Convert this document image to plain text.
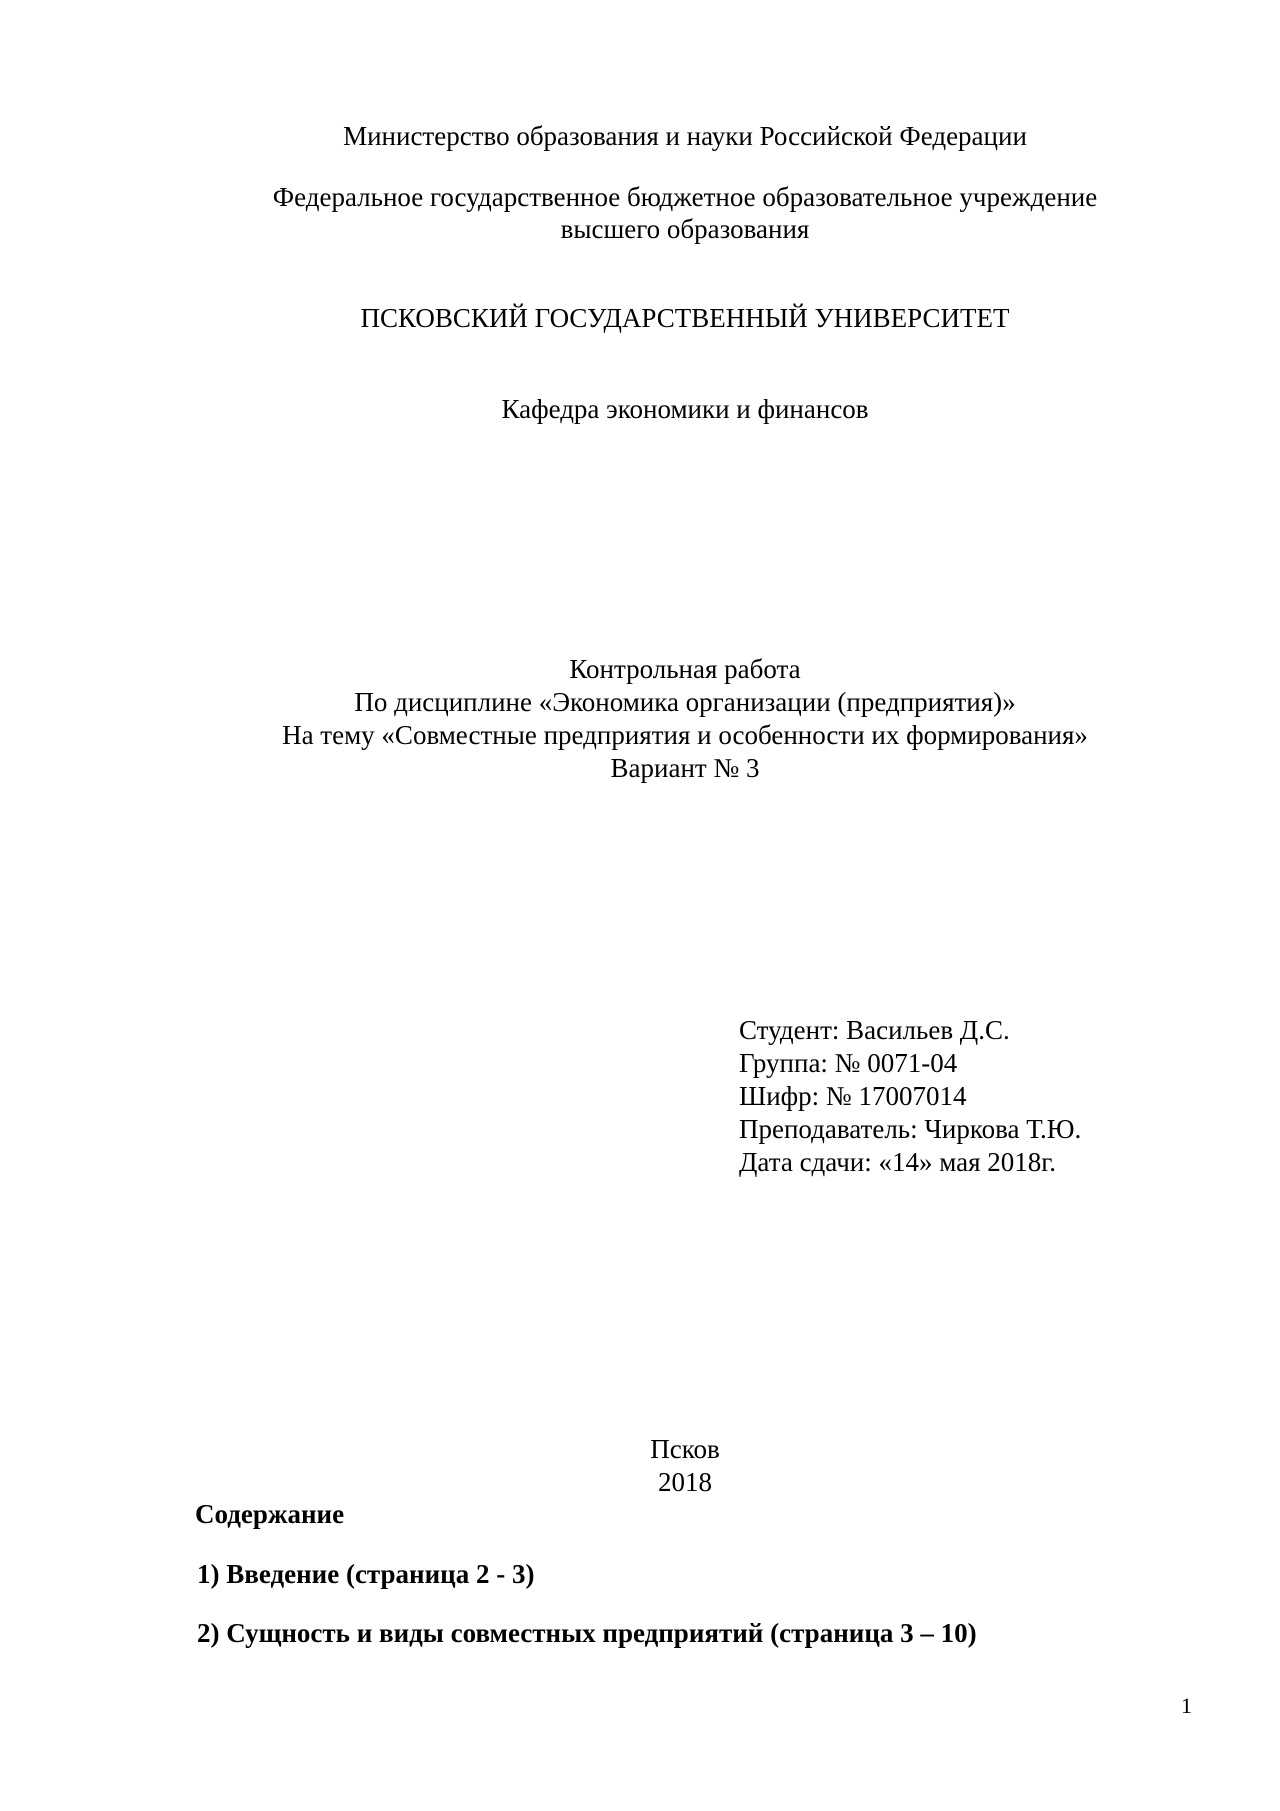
Министерство образования и науки Российской Федерации
Федеральное государственное бюджетное образовательное учреждение
высшего образования
ПСКОВСКИЙ ГОСУДАРСТВЕННЫЙ УНИВЕРСИТЕТ
Кафедра экономики и финансов
Контрольная работа
По дисциплине «Экономика организации (предприятия)»
На тему «Совместные предприятия и особенности их формирования»
Вариант № 3
Студент: Васильев Д.С.
Группа: № 0071-04
Шифр: № 17007014
Преподаватель: Чиркова Т.Ю.
Дата сдачи: «14» мая 2018г.
Псков
2018
Содержание
1) Введение (страница 2 - 3)
2) Сущность и виды совместных предприятий (страница 3 – 10)
1
